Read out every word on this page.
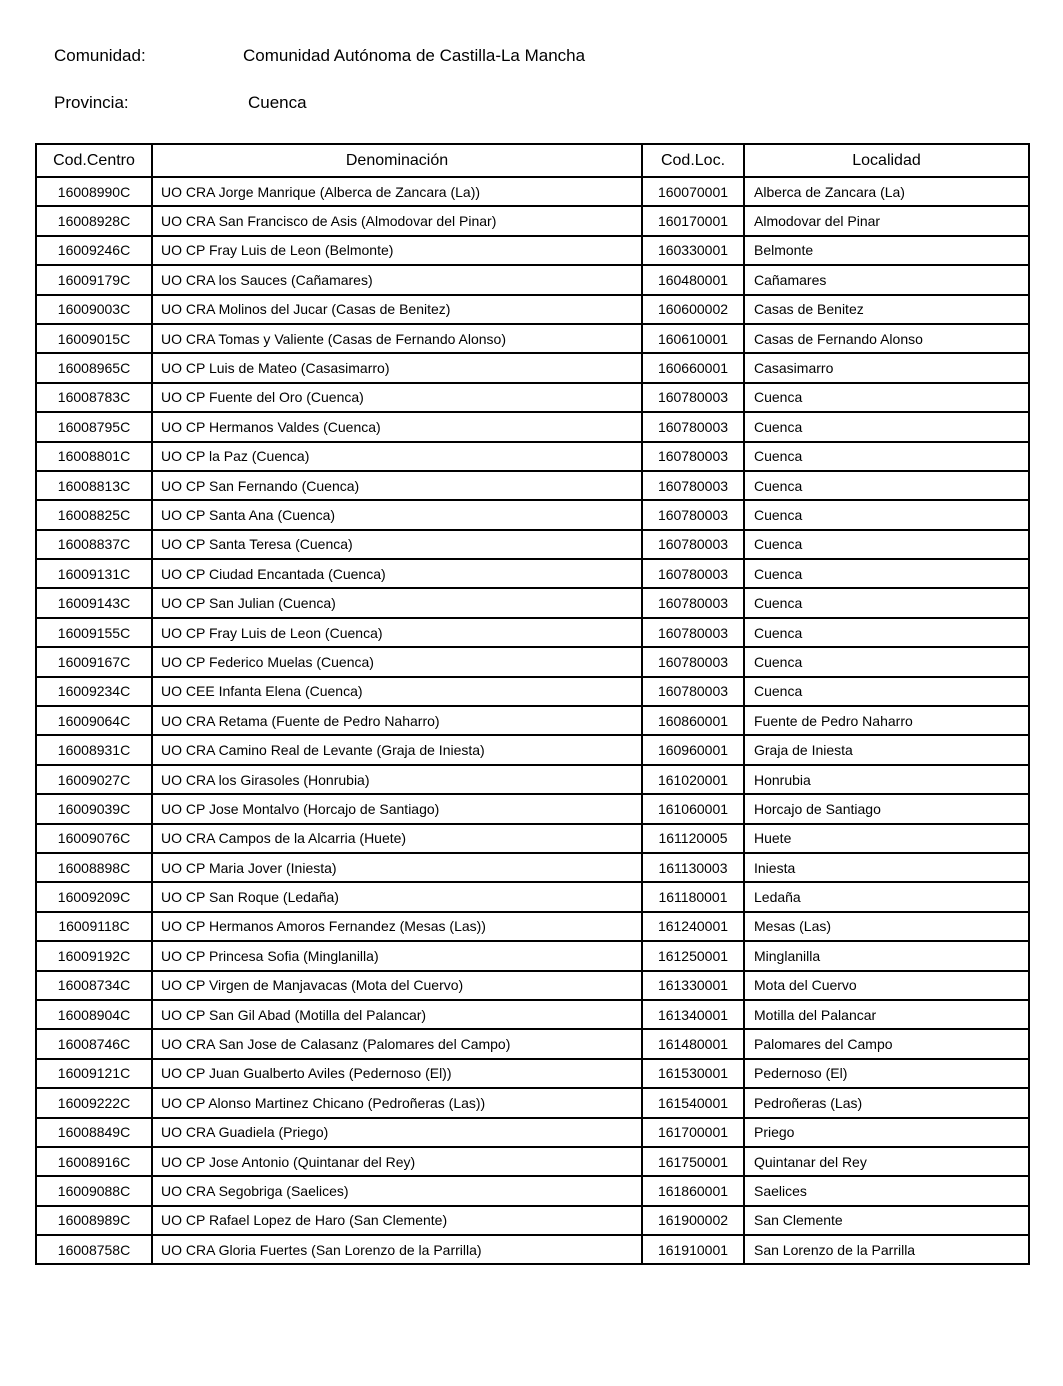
Comunidad:	Comunidad Autónoma de Castilla-La Mancha
Provincia:	Cuenca
Cod.Centro	Denominación	Cod.Loc.	Localidad
16008990C	UO CRA Jorge Manrique (Alberca de Zancara (La))	160070001	Alberca de Zancara (La)
16008928C	UO CRA San Francisco de Asis (Almodovar del Pinar)	160170001	Almodovar del Pinar
16009246C	UO CP Fray Luis de Leon (Belmonte)	160330001	Belmonte
16009179C	UO CRA los Sauces (Cañamares)	160480001	Cañamares
16009003C	UO CRA Molinos del Jucar (Casas de Benitez)	160600002	Casas de Benitez
16009015C	UO CRA Tomas y Valiente (Casas de Fernando Alonso)	160610001	Casas de Fernando Alonso
16008965C	UO CP Luis de Mateo (Casasimarro)	160660001	Casasimarro
16008783C	UO CP Fuente del Oro (Cuenca)	160780003	Cuenca
16008795C	UO CP Hermanos Valdes (Cuenca)	160780003	Cuenca
16008801C	UO CP la Paz (Cuenca)	160780003	Cuenca
16008813C	UO CP San Fernando (Cuenca)	160780003	Cuenca
16008825C	UO CP Santa Ana (Cuenca)	160780003	Cuenca
16008837C	UO CP Santa Teresa (Cuenca)	160780003	Cuenca
16009131C	UO CP Ciudad Encantada (Cuenca)	160780003	Cuenca
16009143C	UO CP San Julian (Cuenca)	160780003	Cuenca
16009155C	UO CP Fray Luis de Leon (Cuenca)	160780003	Cuenca
16009167C	UO CP Federico Muelas (Cuenca)	160780003	Cuenca
16009234C	UO CEE Infanta Elena (Cuenca)	160780003	Cuenca
16009064C	UO CRA Retama (Fuente de Pedro Naharro)	160860001	Fuente de Pedro Naharro
16008931C	UO CRA Camino Real de Levante (Graja de Iniesta)	160960001	Graja de Iniesta
16009027C	UO CRA los Girasoles (Honrubia)	161020001	Honrubia
16009039C	UO CP Jose Montalvo (Horcajo de Santiago)	161060001	Horcajo de Santiago
16009076C	UO CRA Campos de la Alcarria (Huete)	161120005	Huete
16008898C	UO CP Maria Jover (Iniesta)	161130003	Iniesta
16009209C	UO CP San Roque (Ledaña)	161180001	Ledaña
16009118C	UO CP Hermanos Amoros Fernandez (Mesas (Las))	161240001	Mesas (Las)
16009192C	UO CP Princesa Sofia (Minglanilla)	161250001	Minglanilla
16008734C	UO CP Virgen de Manjavacas (Mota del Cuervo)	161330001	Mota del Cuervo
16008904C	UO CP San Gil Abad (Motilla del Palancar)	161340001	Motilla del Palancar
16008746C	UO CRA San Jose de Calasanz (Palomares del Campo)	161480001	Palomares del Campo
16009121C	UO CP Juan Gualberto Aviles (Pedernoso (El))	161530001	Pedernoso (El)
16009222C	UO CP Alonso Martinez Chicano (Pedroñeras (Las))	161540001	Pedroñeras (Las)
16008849C	UO CRA Guadiela (Priego)	161700001	Priego
16008916C	UO CP Jose Antonio (Quintanar del Rey)	161750001	Quintanar del Rey
16009088C	UO CRA Segobriga (Saelices)	161860001	Saelices
16008989C	UO CP Rafael Lopez de Haro (San Clemente)	161900002	San Clemente
16008758C	UO CRA Gloria Fuertes (San Lorenzo de la Parrilla)	161910001	San Lorenzo de la Parrilla
